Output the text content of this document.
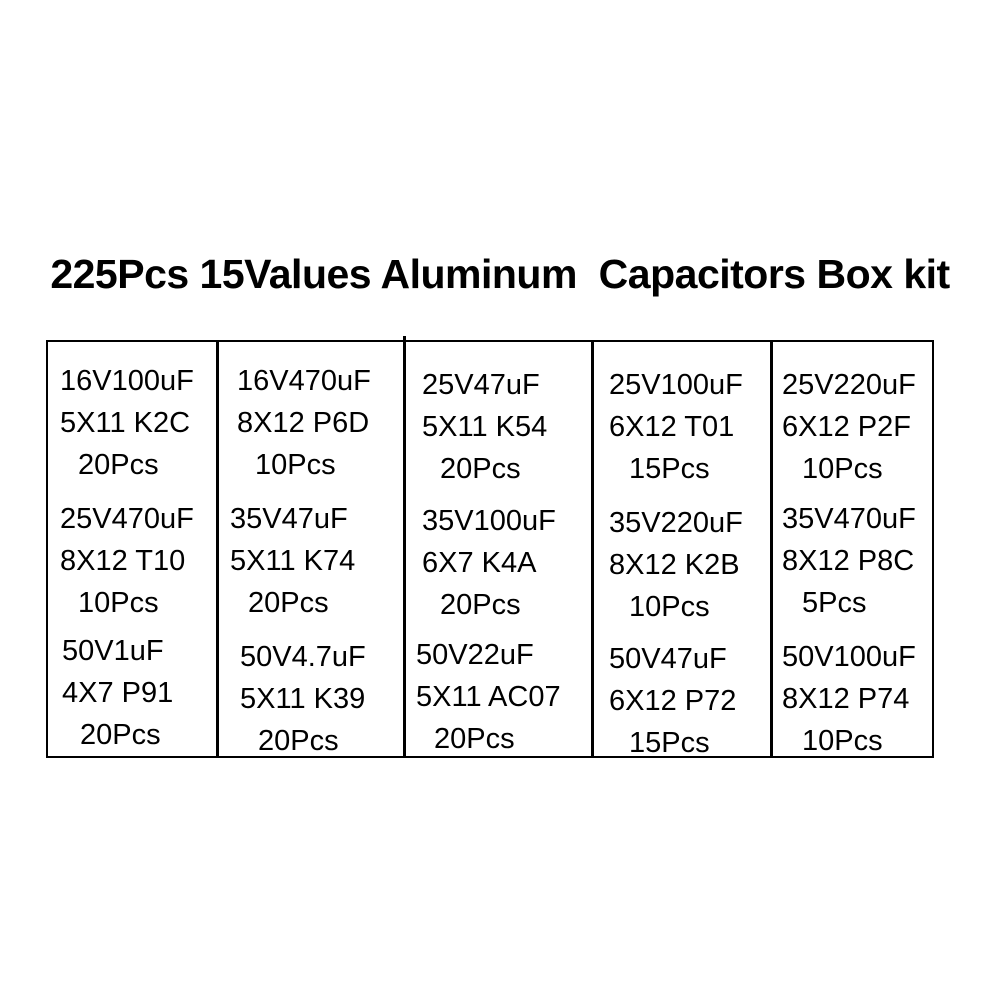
225Pcs 15Values Aluminum  Capacitors Box kit
16V100uF
5X11 K2C
20Pcs
16V470uF
8X12 P6D
10Pcs
25V47uF
5X11 K54
20Pcs
25V100uF
6X12 T01
15Pcs
25V220uF
6X12 P2F
10Pcs
25V470uF
8X12 T10
10Pcs
35V47uF
5X11 K74
20Pcs
35V100uF
6X7 K4A
20Pcs
35V220uF
8X12 K2B
10Pcs
35V470uF
8X12 P8C
5Pcs
50V1uF
4X7 P91
20Pcs
50V4.7uF
5X11 K39
20Pcs
50V22uF
5X11 AC07
20Pcs
50V47uF
6X12 P72
15Pcs
50V100uF
8X12 P74
10Pcs
